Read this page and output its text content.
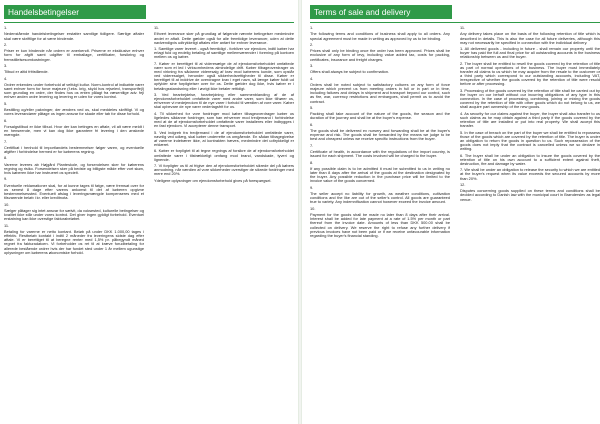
Handelsbetingelser

1.

Nedenstående handelsbetingelser erstatter samtlige tidligere. Særlige aftaler skal være skriftlige for at være bindende.

2.

Priser er kun bindende når ordren er anerkendt. Priserne er eksklusive enhver form for afgift samt udgifter til emballage, certifikater, forsikring og fremstillelsesomkostninger.

3.

Tilbud er altid frittstående.

4.

Ordrer erkendes under forbehold af velfulgt kultur. Norm-kontrol af indkøbte varer samt enhver form for force majeure (f.eks. krig, skyld hos rejselevl, transportfejl) som grundlag en ordre, der findes hos os enten pålagt fra væsentlige adv. fejl enhver anden ordre levering og levering er uden for vores kontrol.

5.

Bestilling og/eller pakninger, der ændres ved os, skal meddeles skriftligt. Vi og vores leverandører påtage os ingen ansvar for skade eller tab for disse forhold.

6.

Forsalgstilbud er ikke tilbud. Hvor der kan betinges en aftale, vil alt være meldt i en henseende, men vi kan dog ikke garantere fri levering i den ønskede mængde.

7.

Certifikat i henhold til importlandets bestemmelser følger varen, og eventuelle afgifter i forbindelse hermed er for køberens regning.

8.

Varerne leveres ab Højgård Planteskole, og forsendelsen sker for køberens regning og risiko. Forsendelsen sker på bedste og billigste måde efter vort skøn, hvis køberen ikke har instrueret os specielt.

9.

Eventuelle reklamationer skal, for at kunne tages til følge, være fremsat over for os senest 8 dage efter varens ankomst til det af køberen opgivne bestemmelsessted. Eventuelt afslag i leveringsmængde kompenseres med et tilsvarende beløb i kr. eller kreditnota.

10.

Sælger påtager sig intet ansvar for sælvit, da voksested, kulturelle betingelser og kvalitet ikke står under vores kontrol. Det giver ingen gyldigt forbehold. Eventuel erstatning kan ikke overstige fakturabeløbet.

11.

Betaling for varerne er netto kontant. Beløb på under DKK 1.000,00 tages i effektiv. Restbeløb kontakt i indtil 2 måneder fra leveringens sidste dag efter aftale. Vi er berettiget til at beregne renter med 1,5% pr. påbegyndt måned regnet fra fakturadatoen. Vi forbeholder os ret til at kræve forudbetaling for allerede bestående ordrer hvis der har fundet sted under 1 år mellem ugunstige oplysninger om køberens økonomiske forhold.

11.

Ethvert leverance sker på grundlag af følgende nævnte betingelser medmindre andet er aftalt. Dette gælder også for alle fremtidige leverancer, uden at dette nødvendigvis udtrykkeligt aftales eller anført for enhver leverance.

1. Samtlige varer leveret - også fremtidigt - forbliver vor ejendom, indtil køber har erlagt fuld og endelig betaling af samtlige mellemværender i forening på kontoen mellem os og køber.

7. Køber er berettiget til at videresælge de af ejendomsforbeholdet omfattede varer som et led i virksomhedens almindelige drift. Køber tilbageoverdrager os med virkning fra sådanne videresalg af krav mod køberens kunde, som opstår ved videresalget, herunder også sikkerhedsrettigheder til disse. Køber er berettiget til at inddrive de overdragne krav i eget navn, så længe køber fuldt ud opfylder sine forpligtelser over for os. Dette gælder dog ikke, hvis køber er i betalingsstandsning eller i øvrigt ikke betaler rettidigt.

3. Ved bearbejdelse, forarbejdning eller sammenblanding af de af ejendomsforbeholdet omfattede varer med andre varer, som ikke tilhører os, erhverver vi medejendom til de nye varer i forhold til værdien af vore varer. Køber skal opbevare de nye varer vederlagsfrit for os.

4. Til sikkerhed for vore fordringer mod køber tilbageoverdrager køber os ligeledes sådanne fordringer, som han erhverver mod tredjemand i forbindelse med at de af ejendomsforbeholdet omfattede varer installeres eller indbygges i en fast ejendom. Vi accepterer denne transport.

5. Ved indgreb fra tredjemand i de af ejendomsforbeholdet omfattede varer, navnlig ved udlæg, skal køber underrette os omgående. En sådan tilbagegivelse af varerne indebærer ikke, at kontrakten hæves, medmindre det udtrykkeligt er erklæret.

6. Køber er forpligtet til at tegne regnings af forsikre de af ejendomsforbeholdet omfattede varer i tilstrækkeligt omfang mod brand, vandskade, tyveri og lignende.

7. Vi forpligter os til at frigive den af ejendomsforbeholdet sikrede del på købers anmodning, når værdien af vore sikkerheder overstiger de sikrede fordringer med mere end 20%.

Ydeligere oplysninger om ejendomsforbehold gives på forespørgsel.

Terms of sale and delivery

1.

The following terms and conditions of business shall apply to all orders. Any special agreement must be made in writing as approved by us to be binding.

2.

Prices shall only be binding once the order has been approved. Prices shall be exclusive of any form of levy, including value added tax, costs for packing, certificates, insurance and freight charges.

3.

Offers shall always be subject to confirmation.

4.

Orders shall be noted subject to satisfactory cultures on any form of force majeure which prevent us from meeting orders in full or in part or in time, including failures and delays in shipment and transport beyond our control, such as fire, war, currency restrictions and embargoes, shall permit us to avoid the contract.

5.

Packing shall take account of the nature of the goods, the season and the duration of the journey and shall be at the buyer's expense.

6.

The goods shall be delivered ex nursery and forwarding shall be at the buyer's expense and risk. The goods shall be forwarded by the means we judge to be best and cheapest unless we receive specific instructions from the buyer.

7.

Certificate of health, in accordance with the regulations of the import country, is issued for each shipment. The costs involved will be charged to the buyer.

8.

If any possible claim is to be admitted it must be submitted to us in writing no later than 8 days after the arrival of the goods at the destination designated by the buyer. Any possible reduction in the purchase price will be limited to the invoice value of the goods concerned.

9.

The seller accept no liability for growth, as weather conditions, cultivation conditions and the like are out of the seller's control. All goods are guaranteed true to variety. Any indemnification cannot however exceed the invoice amount.

10.

Payment for the goods shall be made no later than 8 days after their arrival. Interest shall be added for late payment at a rate of 1.5% per month or part thereof from the invoice date. Amounts of less than DKK 500.00 shall be collected on delivery. We reserve the right to refuse any further delivery if previous invoices have not been paid or if we receive unfavourable information regarding the buyer's financial standing.

11.

Any delivery takes place on the basis of the following retention of title which is described in details. This is also the case for all future deliveries, although this may not necessarily be specified in connection with the individual delivery.

1. All delivered goods - including in future - shall remain our property until the buyer has paid the full and final price for all outstanding accounts in the business relationship between us and the buyer.

2. The buyer shall be entitled to resell the goods covered by the retention of title as part of normal operations of the business. The buyer must immediately transfer all claims to us which he may acquire from the resale to the customer or a third party which correspond to our outstanding accounts, including VAT, irrespective of whether the goods covered by the retention of title were resold before or after processing.

3. Processing of the goods covered by the retention of title shall be carried out by the buyer on our behalf without our incurring obligations of any type in this connection. In the case of processing, combining, joining or mixing the goods covered by the retention of title with other goods which do not belong to us, we shall acquire part ownership of the new goods.

4. As security for our claims against the buyer, the buyer shall also transfer to us such claims as he may obtain against a third party if the goods covered by the retention of title are installed or put into real property. We shall accept this transfer.

5. In the case of breach on the part of the buyer we shall be entitled to repossess those of the goods which are covered by the retention of title. The buyer is under an obligation to return the goods in question to us. Such repossession of the goods does not imply that the contract is cancelled unless we so declare in writing.

6. The buyer shall be under an obligation to insure the goods covered by the retention of title on his own account to a sufficient extent against theft, destruction, fire and damage by water.

7. We shall be under an obligation to release the security to which we are entitled at the buyer's request when its value exceeds the secured accounts by more than 20%.

12.

Disputes concerning goods supplied on these terms and conditions shall be decided according to Danish law with the municipal court in Brønderslev as legal venue.
